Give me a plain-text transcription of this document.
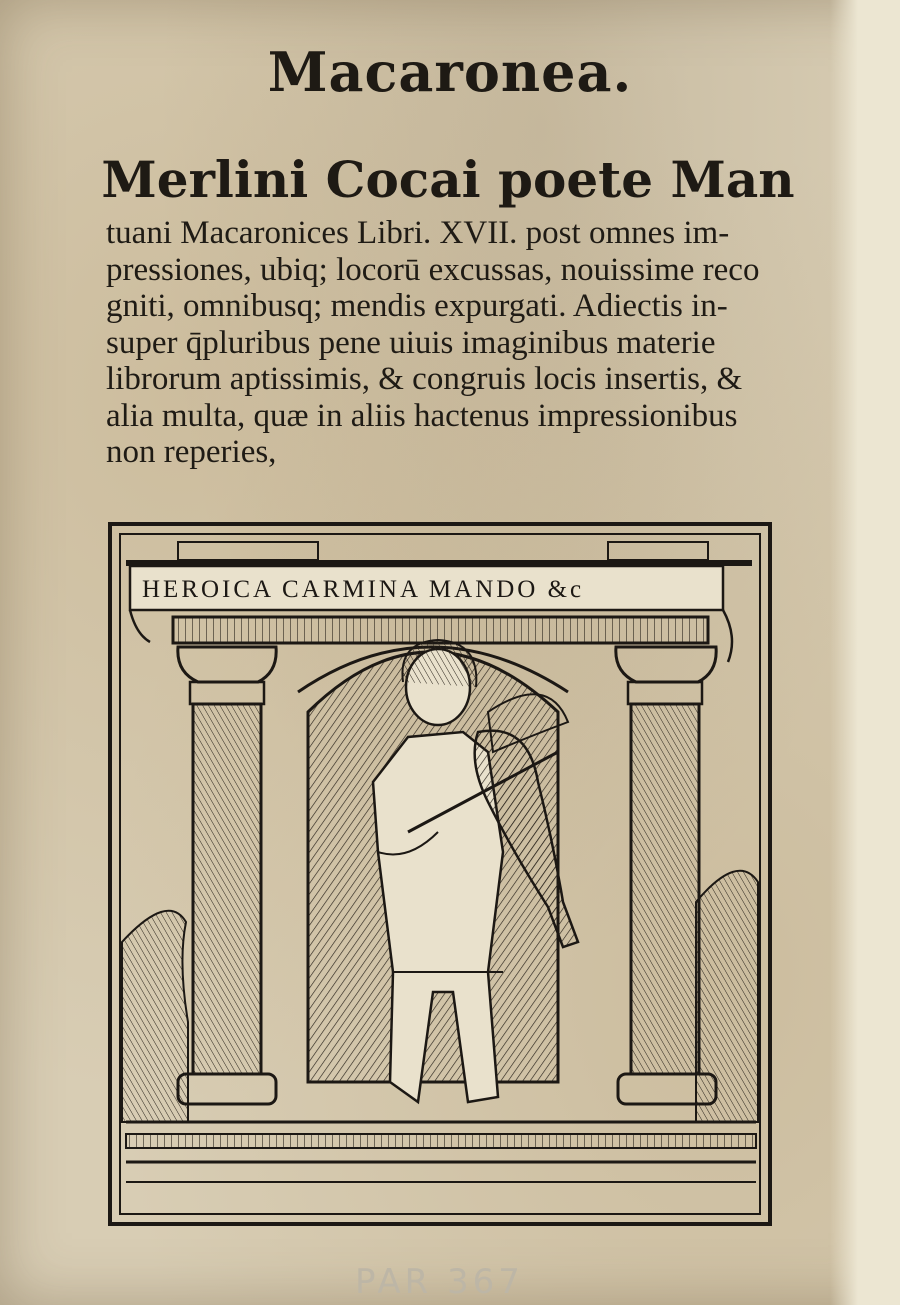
Macaronea.
Merlini Cocai poete Man
tuani Macaronices Libri. XVII. post omnes im-
pressiones, ubiq; locorū excussas, nouissime reco
gniti, omnibusq; mendis expurgati. Adiectis in-
super q̄pluribus pene uiuis imaginibus materie
librorum aptissimis, & congruis locis insertis, &
alia multa, quæ in aliis hactenus impressionibus
non reperies,
HEROICA CARMINA MANDO &c
PAR 367
